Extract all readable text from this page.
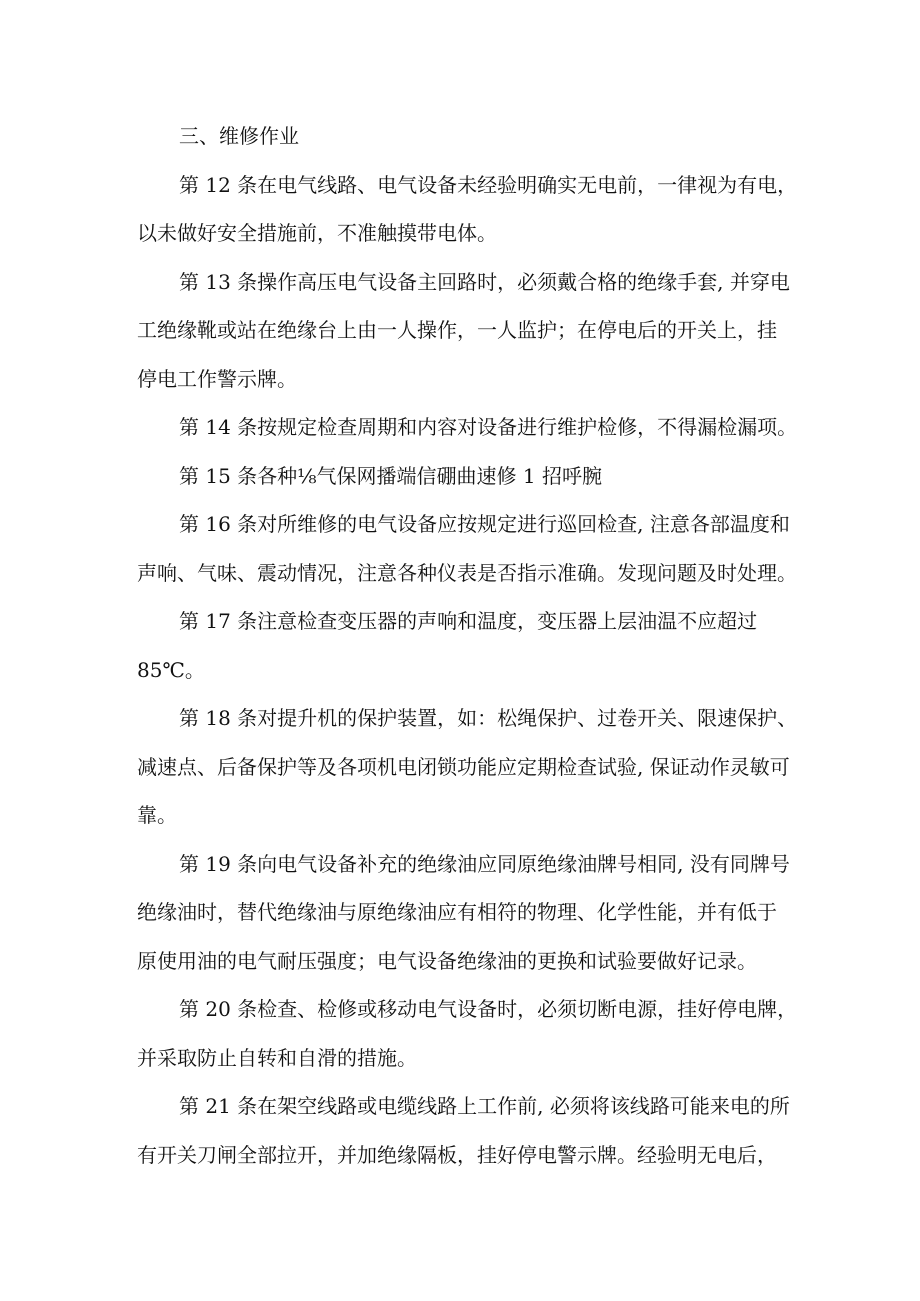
三、维修作业
第 12 条在电气线路、电气设备未经验明确实无电前，一律视为有电，
以未做好安全措施前，不准触摸带电体。
第 13 条操作高压电气设备主回路时，必须戴合格的绝缘手套, 并穿电
工绝缘靴或站在绝缘台上由一人操作，一人监护；在停电后的开关上，挂
停电工作警示牌。
第 14 条按规定检查周期和内容对设备进行维护检修，不得漏检漏项。
第 15 条各种⅛气保网播端信硼曲速修 1 招呼腕
第 16 条对所维修的电气设备应按规定进行巡回检查, 注意各部温度和
声响、气味、震动情况，注意各种仪表是否指示准确。发现问题及时处理。
第 17 条注意检查变压器的声响和温度，变压器上层油温不应超过
85℃。
第 18 条对提升机的保护装置，如：松绳保护、过卷开关、限速保护、
减速点、后备保护等及各项机电闭锁功能应定期检查试验, 保证动作灵敏可
靠。
第 19 条向电气设备补充的绝缘油应同原绝缘油牌号相同, 没有同牌号
绝缘油时，替代绝缘油与原绝缘油应有相符的物理、化学性能，并有低于
原使用油的电气耐压强度；电气设备绝缘油的更换和试验要做好记录。
第 20 条检查、检修或移动电气设备时，必须切断电源，挂好停电牌，
并采取防止自转和自滑的措施。
第 21 条在架空线路或电缆线路上工作前, 必须将该线路可能来电的所
有开关刀闸全部拉开，并加绝缘隔板，挂好停电警示牌。经验明无电后，
